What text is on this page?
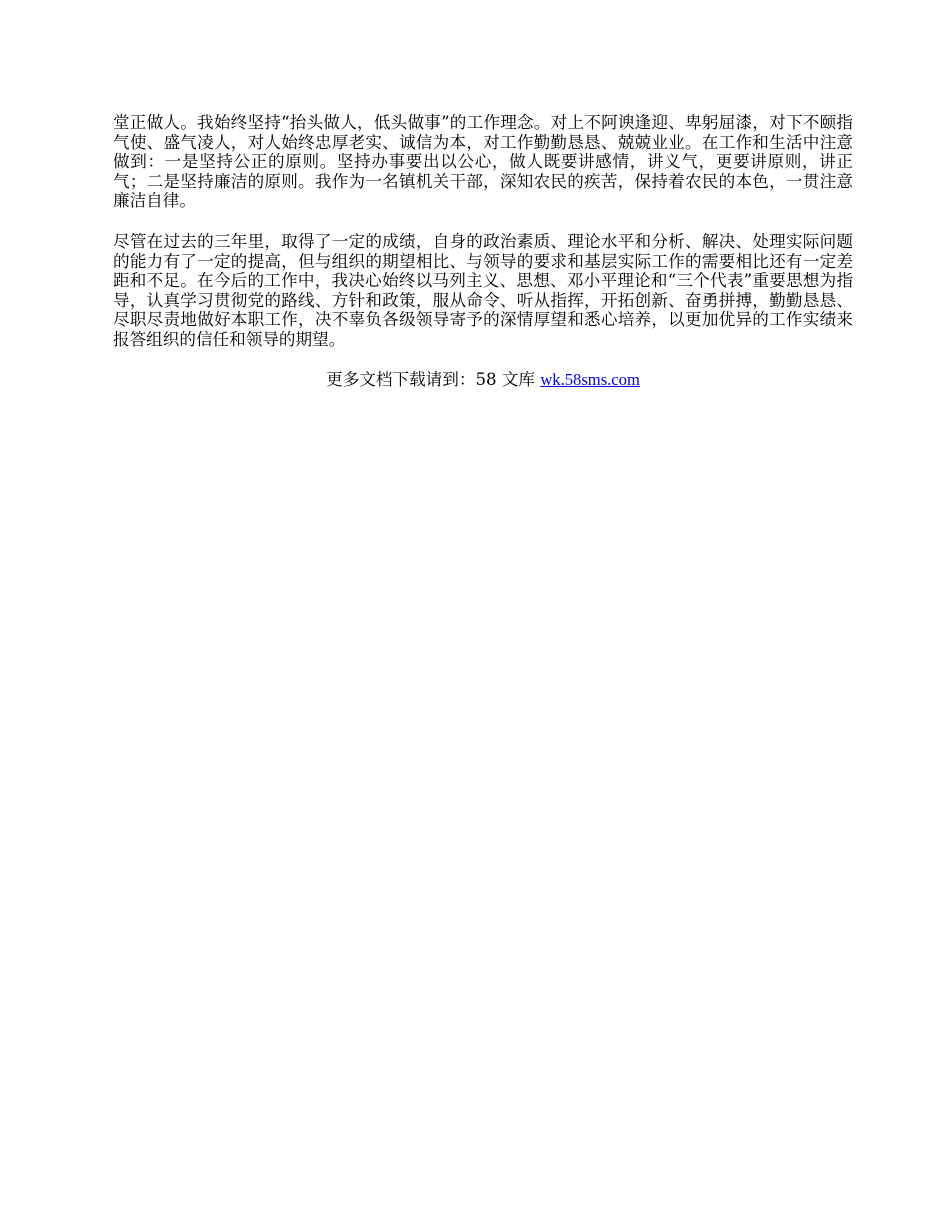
堂正做人。我始终坚持“抬头做人，低头做事”的工作理念。对上不阿谀逢迎、卑躬屈漆，对下不颐指气使、盛气凌人，对人始终忠厚老实、诚信为本，对工作勤勤恳恳、兢兢业业。在工作和生活中注意做到：一是坚持公正的原则。坚持办事要出以公心，做人既要讲感情，讲义气，更要讲原则，讲正气；二是坚持廉洁的原则。我作为一名镇机关干部，深知农民的疾苦，保持着农民的本色，一贯注意廉洁自律。

尽管在过去的三年里，取得了一定的成绩，自身的政治素质、理论水平和分析、解决、处理实际问题的能力有了一定的提高，但与组织的期望相比、与领导的要求和基层实际工作的需要相比还有一定差距和不足。在今后的工作中，我决心始终以马列主义、思想、邓小平理论和“三个代表”重要思想为指导，认真学习贯彻党的路线、方针和政策，服从命令、听从指挥，开拓创新、奋勇拼搏，勤勤恳恳、尽职尽责地做好本职工作，决不辜负各级领导寄予的深情厚望和悉心培养，以更加优异的工作实绩来报答组织的信任和领导的期望。

更多文档下载请到：58 文库 wk.58sms.com
